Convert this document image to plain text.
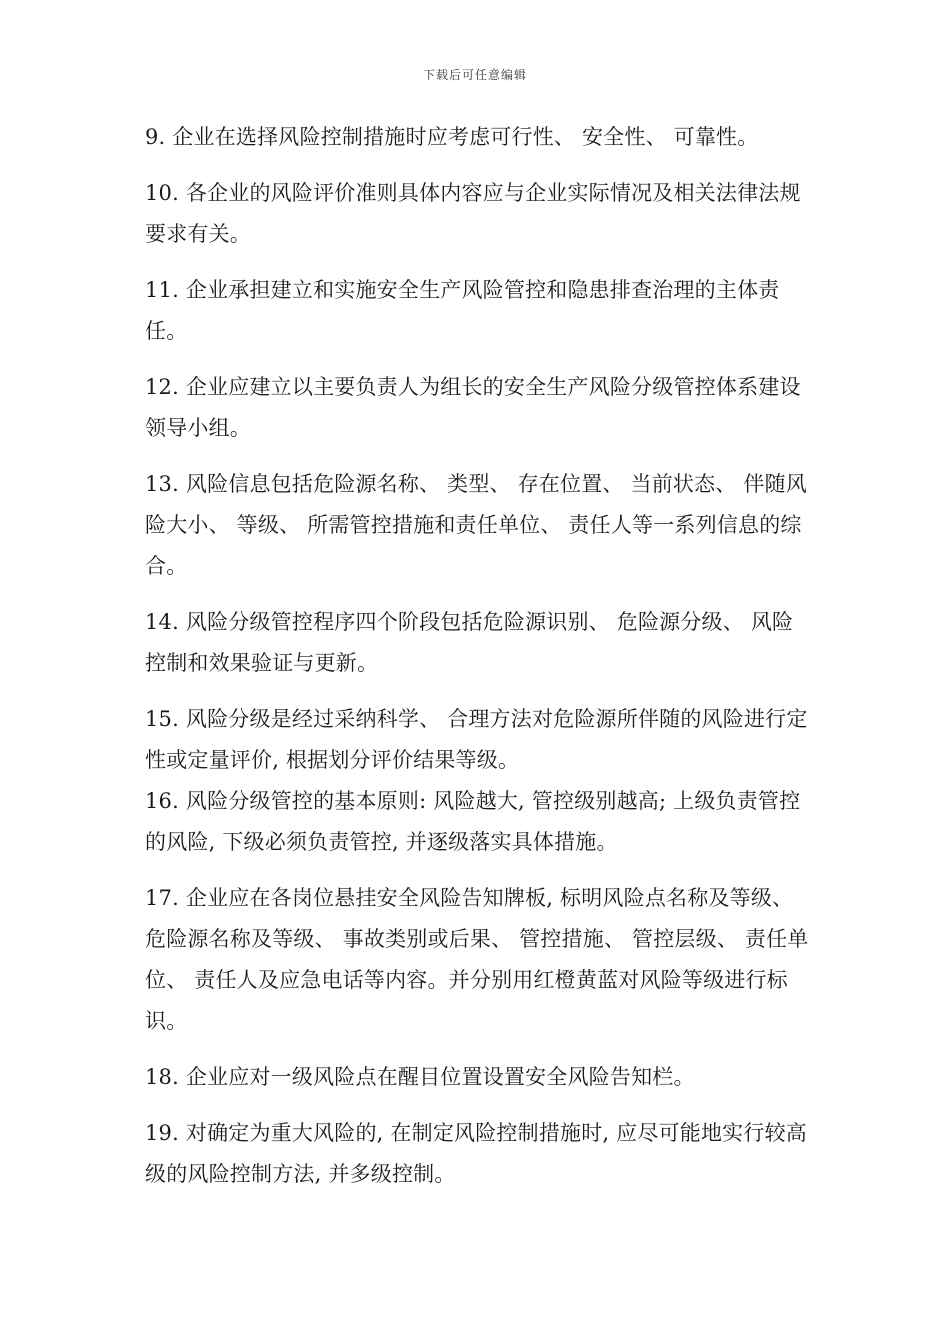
下载后可任意编辑

9. 企业在选择风险控制措施时应考虑可行性、 安全性、 可靠性。

10. 各企业的风险评价准则具体内容应与企业实际情况及相关法律法规要求有关。

11. 企业承担建立和实施安全生产风险管控和隐患排查治理的主体责任。

12. 企业应建立以主要负责人为组长的安全生产风险分级管控体系建设领导小组。

13. 风险信息包括危险源名称、 类型、 存在位置、 当前状态、 伴随风险大小、 等级、 所需管控措施和责任单位、 责任人等一系列信息的综合。

14. 风险分级管控程序四个阶段包括危险源识别、 危险源分级、 风险控制和效果验证与更新。

15. 风险分级是经过采纳科学、 合理方法对危险源所伴随的风险进行定性或定量评价, 根据划分评价结果等级。

16. 风险分级管控的基本原则: 风险越大, 管控级别越高; 上级负责管控的风险, 下级必须负责管控, 并逐级落实具体措施。

17. 企业应在各岗位悬挂安全风险告知牌板, 标明风险点名称及等级、 危险源名称及等级、 事故类别或后果、 管控措施、 管控层级、 责任单位、 责任人及应急电话等内容。并分别用红橙黄蓝对风险等级进行标识。

18. 企业应对一级风险点在醒目位置设置安全风险告知栏。

19. 对确定为重大风险的, 在制定风险控制措施时, 应尽可能地实行较高级的风险控制方法, 并多级控制。
